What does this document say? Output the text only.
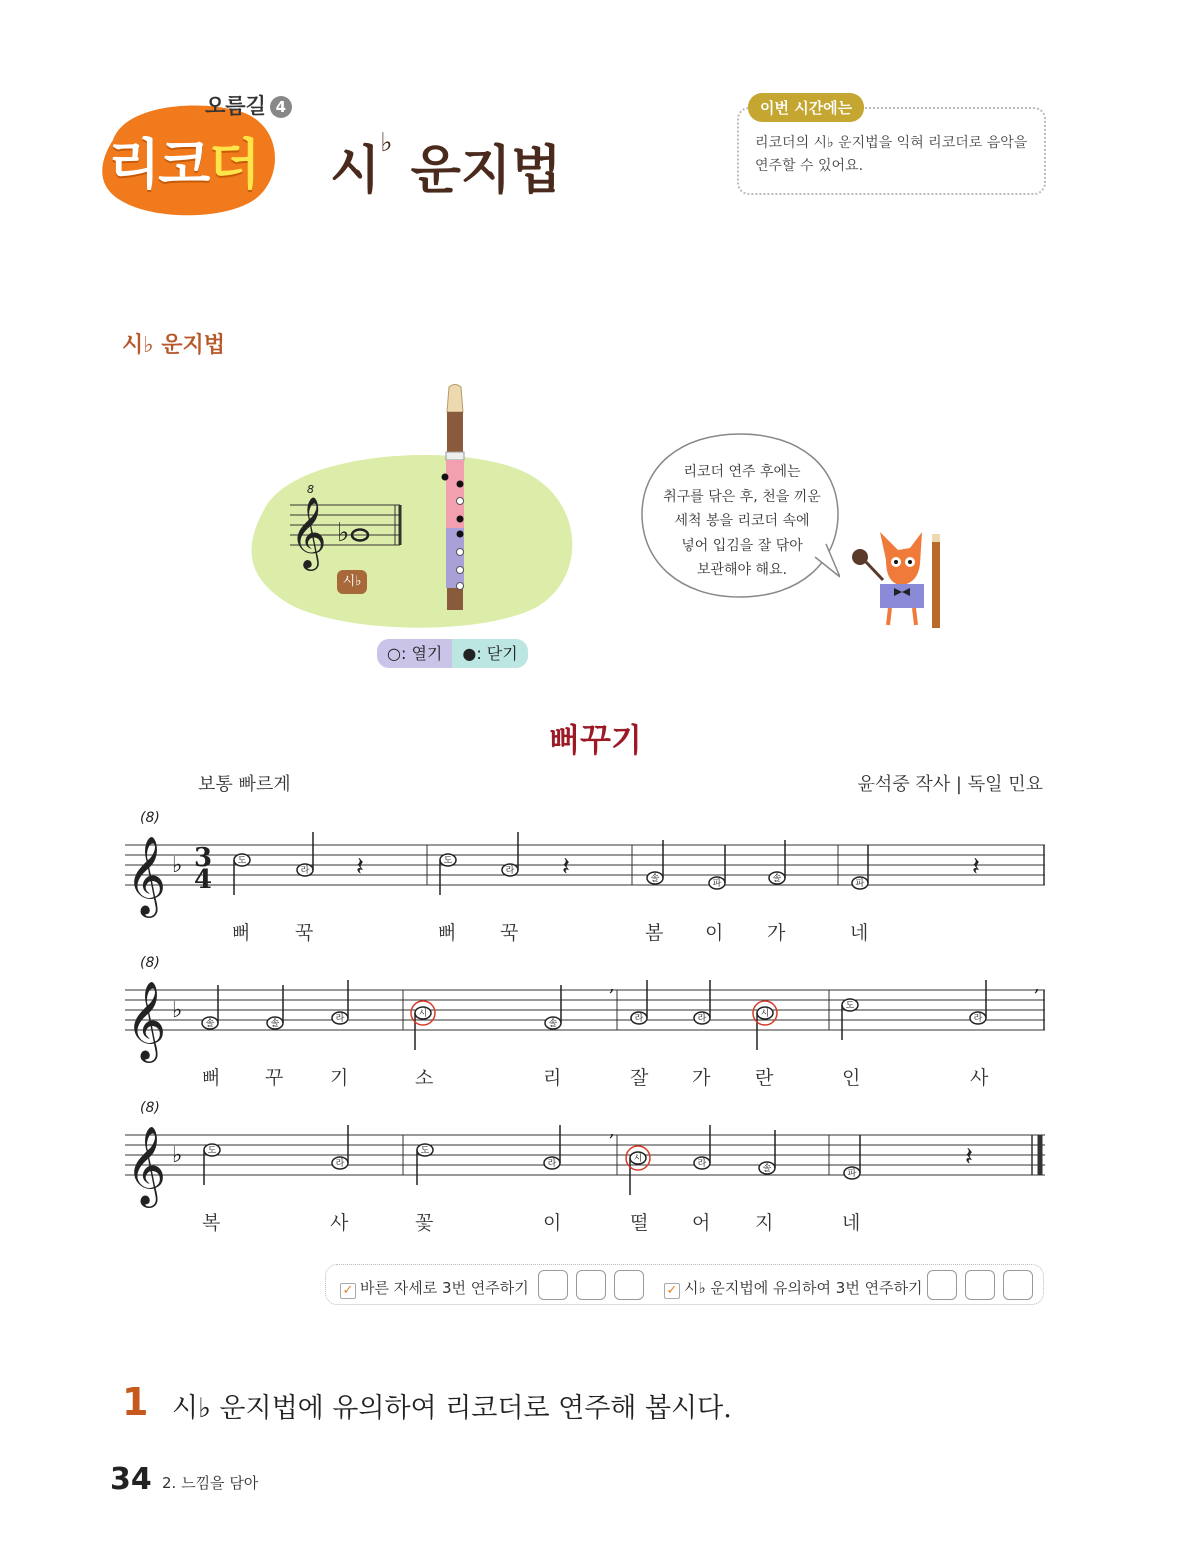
오름길 4
리코더 시♭ 운지법
이번 시간에는
리코더의 시♭ 운지법을 익혀 리코더로 음악을 연주할 수 있어요.
시♭ 운지법
𝄞 ♭
8
시♭
○: 열기	●: 닫기
리코더 연주 후에는
취구를 닦은 후, 천을 끼운
세척 봉을 리코더 속에
넣어 입김을 잘 닦아
보관해야 해요.
뻐꾸기
보통 빠르게	윤석중 작사 | 독일 민요
𝄞 ♭ 3
4
도
라
도
라
솔	파	솔	파
𝄽	𝄽	𝄽
(8)
뻐 꾹	뻐 꾹	봄 이 가	네
𝄞 ♭
,	,
솔	솔	라	시
솔	라	라	시
도
라
(8)
뻐 꾸 기	소	리	잘 가 란	인	사
𝄞 ♭
,
도
라
도
라	시	라	솔	파
𝄽
(8)
복	사	꽃	이	떨 어 지	네
✓ 바른 자세로 3번 연주하기	✓ 시♭ 운지법에 유의하여 3번 연주하기
1 시♭ 운지법에 유의하여 리코더로 연주해 봅시다.
34 2. 느낌을 담아
